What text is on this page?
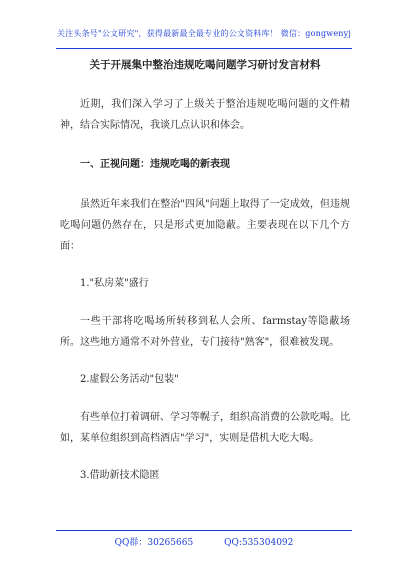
关注头条号"公文研究"，获得最新最全最专业的公文资料库！ 微信：gongwenyj
关于开展集中整治违规吃喝问题学习研讨发言材料

近期，我们深入学习了上级关于整治违规吃喝问题的文件精神，结合实际情况，我谈几点认识和体会。

一、正视问题：违规吃喝的新表现

虽然近年来我们在整治"四风"问题上取得了一定成效，但违规吃喝问题仍然存在，只是形式更加隐蔽。主要表现在以下几个方面：

1."私房菜"盛行

一些干部将吃喝场所转移到私人会所、farmstay等隐蔽场所。这些地方通常不对外营业，专门接待"熟客"，很难被发现。

2.虚假公务活动"包装"

有些单位打着调研、学习等幌子，组织高消费的公款吃喝。比如，某单位组织到高档酒店"学习"，实则是借机大吃大喝。

3.借助新技术隐匿

QQ群：30265665	QQ:535304092
